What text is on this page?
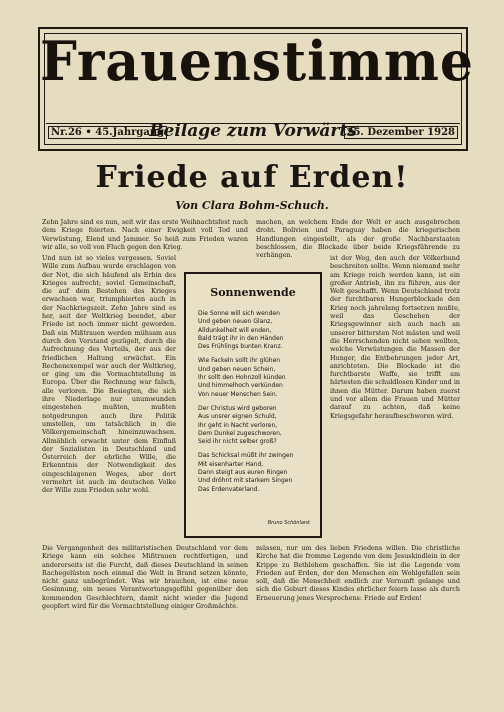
Frauenstimme
Nr.26 • 45.Jahrgang
Beilage zum Vorwärts
25. Dezember 1928
Friede auf Erden!
Von Clara Bohm-Schuch.

Zehn Jahre sind es nun, seit wir das erste Weihnachtsfest nach dem Kriege feierten. Nach einer Ewigkeit voll Tod und Verwüstung, Elend und Jammer. So heiß zum Frieden waren wir alle, so voll von Fluch gegen den Krieg.

machen, an welchem Ende der Welt er auch ausgebrochen droht. Bolivien und Paraguay haben die kriegerischen Handlungen eingestellt, als der große Nachbarstaaten beschlossen, die Blockade über beide Kriegsführende zu verhängen.

Und nun ist so vieles vergessen. Soviel Wille zum Aufbau wurde erschlagen von der Not, die sich häufend als Erbin des Krieges aufrecht; soviel Gemeinschaft, die auf dem Bestehen des Krieges erwachsen war, triumphierten auch in der Nachkriegszeit. Zehn Jahre sind es her, seit der Weltkrieg beendet, aber Friede ist noch immer nicht geworden. Daß ein Mißtrauen werden mühsam aus durch den Verstand gezügelt, durch die Aufrechnung des Vorteils, der aus der friedlichen Haltung erwächst. Ein Rechenexempel war auch der Weltkrieg, er ging um die Vormachtstellung in Europa. Über die Rechnung war falsch, alle verloren. Die Besiegten, die sich ihre Niederlage nur unumwunden eingestehen mußten, mußten notgedrungen auch ihre Politik umstellen, um tatsächlich in die Völkergemeinschaft hineinzuwachsen. Allmählich erwacht unter dem Einfluß der Sozialisten in Deutschland und Österreich der ehrliche Wille, die Erkenntnis der Notwendigkeit des eingeschlagenen Weges, aber dort vermehrt ist auch im deutschen Volke der Wille zum Frieden sehr wohl.

ist der Weg, den auch der Völkerbund beschreiten sollte. Wenn niemand mehr am Kriege reich werden kann, ist ein großer Antrieb, ihn zu führen, aus der Welt geschafft. Wenn Deutschland trotz der furchtbaren Hungerblockade den Krieg noch jahrelang fortsetzen mußte, weil das Geschehen der Kriegsgewinner sich auch nach an unserer bittersten Not mästen und weil die Herrschenden nicht sehen wollten, welche Verwüstungen die Massen der Hunger, die Entbehrungen jeder Art, anrichteten. Die Blockade ist die furchtbarste Waffe, sie trifft am härtesten die schuldlosen Kinder und in ihnen die Mütter. Darum haben zuerst und vor allem die Frauen und Mütter darauf zu achten, daß keine Kriegsgefahr heraufbeschworen wird.

Sonnenwende
Die Sonne will sich wenden
Und geben neuen Glanz,
Alldunkelheit will enden,
Bald trägt ihr in den Händen
Des Frühlings bunten Kranz.
Wie Fackeln sollt ihr glühen
Und geben neuen Schein,
Ihr sollt den Hohnzoll künden
Und himmelhoch verkünden
Von neuer Menschen Sein.
Der Christus wird geboren
Aus unsrer eignen Schuld,
Ihr geht in Nacht verloren,
Dem Dunkel zugeschworen,
Seid ihr nicht selber groß?
Das Schicksal müßt ihr zwingen
Mit eisenharter Hand,
Dann steigt aus euren Ringen
Und dröhnt mit starkem Singen
Das Erdenvaterland.
Bruno Schönlank

Die Vergangenheit des militaristischen Deutschland vor dem Kriege kann ein solches Mißtrauen rechtfertigen, und andererseits ist die Furcht, daß dieses Deutschland in seinen Rachegelüsten noch einmal die Welt in Brand setzen könnte, nicht ganz unbegründet. Was wir brauchen, ist eine neue Gesinnung, ein neues Verantwortungsgefühl gegenüber den kommenden Geschlechtern, damit nicht wieder die Jugend geopfert wird für die Vormachtstellung einiger Großmächte.

müssen, nur um des lieben Friedens willen. Die christliche Kirche hat die fromme Legende von dem Jesuskindlein in der Krippe zu Bethlehem geschaffen. Sie ist die Legende vom Frieden auf Erden, der den Menschen ein Wohlgefallen sein soll, daß die Menschheit endlich zur Vernunft gelange und sich die Geburt dieses Kindes ehrlicher feiern lasse als durch Erneuerung jenes Versprechens: Friede auf Erden!
